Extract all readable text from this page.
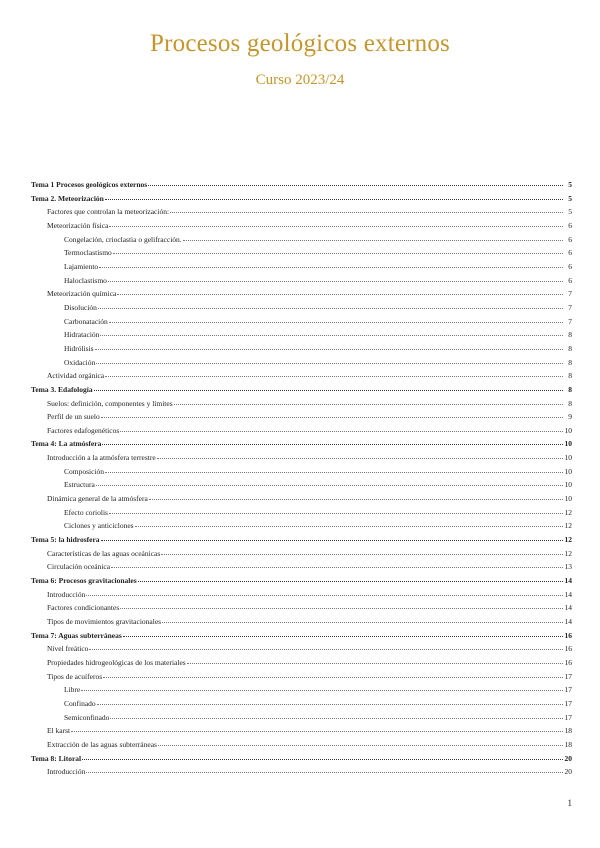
Procesos geológicos externos
Curso 2023/24
Tema 1 Procesos geológicos externos	5
Tema 2. Meteorización	5
Factores que controlan la meteorización:	5
Meteorización física	6
Congelación, crioclastia o gelifracción.	6
Termoclastismo	6
Lajamiento	6
Haloclastismo	6
Meteorización química	7
Disolución	7
Carbonatación	7
Hidratación	8
Hidrólisis	8
Oxidación	8
Actividad orgánica	8
Tema 3. Edafología	8
Suelos: definición, componentes y límites	8
Perfil de un suelo	9
Factores edafogenéticos	10
Tema 4: La atmósfera	10
Introducción a la atmósfera terrestre	10
Composición	10
Estructura	10
Dinámica general de la atmósfera	10
Efecto coriolis	12
Ciclones y anticiclones	12
Tema 5: la hidrosfera	12
Características de las aguas oceánicas	12
Circulación oceánica	13
Tema 6: Procesos gravitacionales	14
Introducción	14
Factores condicionantes	14
Tipos de movimientos gravitacionales	14
Tema 7: Aguas subterráneas	16
Nivel freático	16
Propiedades hidrogeológicas de los materiales	16
Tipos de acuíferos	17
Libre	17
Confinado	17
Semiconfinado	17
El karst	18
Extracción de las aguas subterráneas	18
Tema 8: Litoral	20
Introducción	20
1
